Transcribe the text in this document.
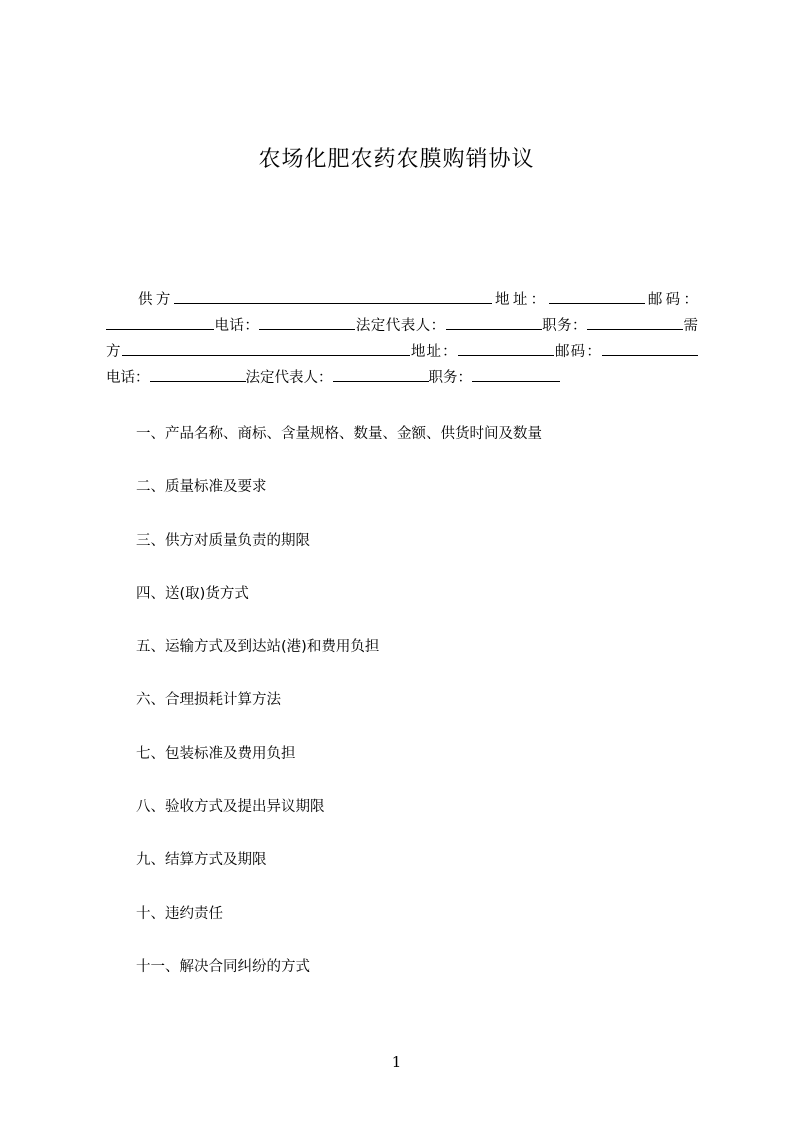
农场化肥农药农膜购销协议

供方	地址：	邮码：电话：	法定代表人：	职务：	需方	地址：	邮码：电话：	法定代表人：	职务：

一、产品名称、商标、含量规格、数量、金额、供货时间及数量
二、质量标准及要求
三、供方对质量负责的期限
四、送(取)货方式
五、运输方式及到达站(港)和费用负担
六、合理损耗计算方法
七、包装标准及费用负担
八、验收方式及提出异议期限
九、结算方式及期限
十、违约责任
十一、解决合同纠纷的方式
1
